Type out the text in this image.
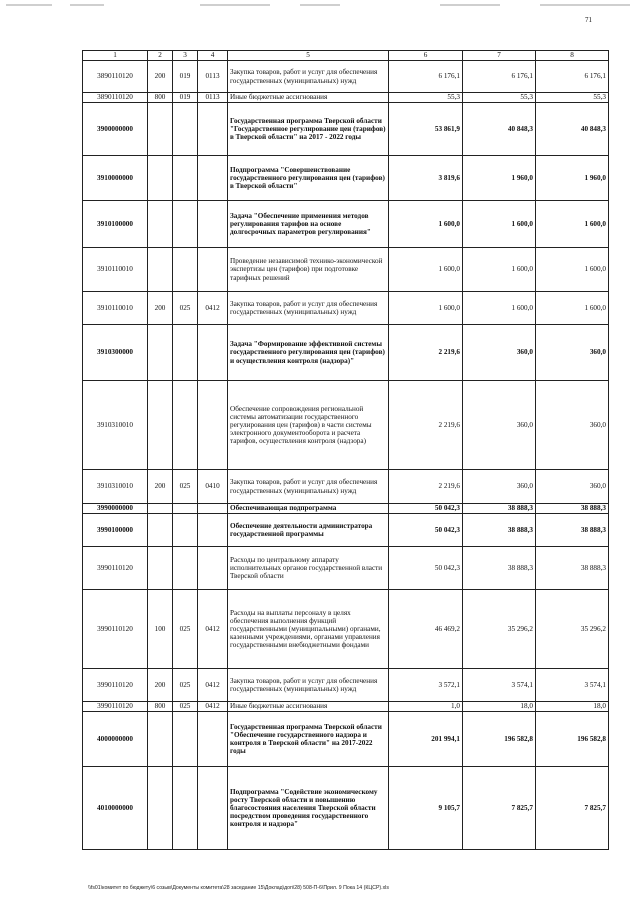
71
1	2	3	4	5	6	7	8
3890110120	200	019	0113	Закупка товаров, работ и услуг для обеспечения государственных (муниципальных) нужд	6 176,1	6 176,1	6 176,1
3890110120	800	019	0113	Иные бюджетные ассигнования	55,3	55,3	55,3
3900000000				Государственная программа Тверской области "Государственное регулирование цен (тарифов) в Тверской области" на 2017 - 2022 годы	53 861,9	40 848,3	40 848,3
3910000000				Подпрограмма "Совершенствование государственного регулирования цен (тарифов) в Тверской области"	3 819,6	1 960,0	1 960,0
3910100000				Задача "Обеспечение применения методов регулирования тарифов на основе долгосрочных параметров регулирования"	1 600,0	1 600,0	1 600,0
3910110010				Проведение независимой технико-экономической экспертизы цен (тарифов) при подготовке тарифных решений	1 600,0	1 600,0	1 600,0
3910110010	200	025	0412	Закупка товаров, работ и услуг для обеспечения государственных (муниципальных) нужд	1 600,0	1 600,0	1 600,0
3910300000				Задача "Формирование эффективной системы государственного регулирования цен (тарифов) и осуществления контроля (надзора)"	2 219,6	360,0	360,0
3910310010				Обеспечение сопровождения региональной системы автоматизации государственного регулирования цен (тарифов) в части системы электронного документооборота и расчета тарифов, осуществления контроля (надзора)	2 219,6	360,0	360,0
3910310010	200	025	0410	Закупка товаров, работ и услуг для обеспечения государственных (муниципальных) нужд	2 219,6	360,0	360,0
3990000000				Обеспечивающая подпрограмма	50 042,3	38 888,3	38 888,3
3990100000				Обеспечение деятельности администратора государственной программы	50 042,3	38 888,3	38 888,3
3990110120				Расходы по центральному аппарату исполнительных органов государственной власти Тверской области	50 042,3	38 888,3	38 888,3
3990110120	100	025	0412	Расходы на выплаты персоналу в целях обеспечения выполнения функций государственными (муниципальными) органами, казенными учреждениями, органами управления государственными внебюджетными фондами	46 469,2	35 296,2	35 296,2
3990110120	200	025	0412	Закупка товаров, работ и услуг для обеспечения государственных (муниципальных) нужд	3 572,1	3 574,1	3 574,1
3990110120	800	025	0412	Иные бюджетные ассигнования	1,0	18,0	18,0
4000000000				Государственная программа Тверской области "Обеспечение государственного надзора и контроля в Тверской области" на 2017-2022 годы	201 994,1	196 582,8	196 582,8
4010000000				Подпрограмма "Содействие экономическому росту Тверской области и повышению благосостояния населения Тверской области посредством проведения государственного контроля и надзора"	9 105,7	7 825,7	7 825,7
\\fs01\комитет по бюджету\6 созыв\Документы комитета\28 заседание 15\Доклад\доп\28) 508-П-6\Прил. 9 Пока 14 (КЦСР).xls
